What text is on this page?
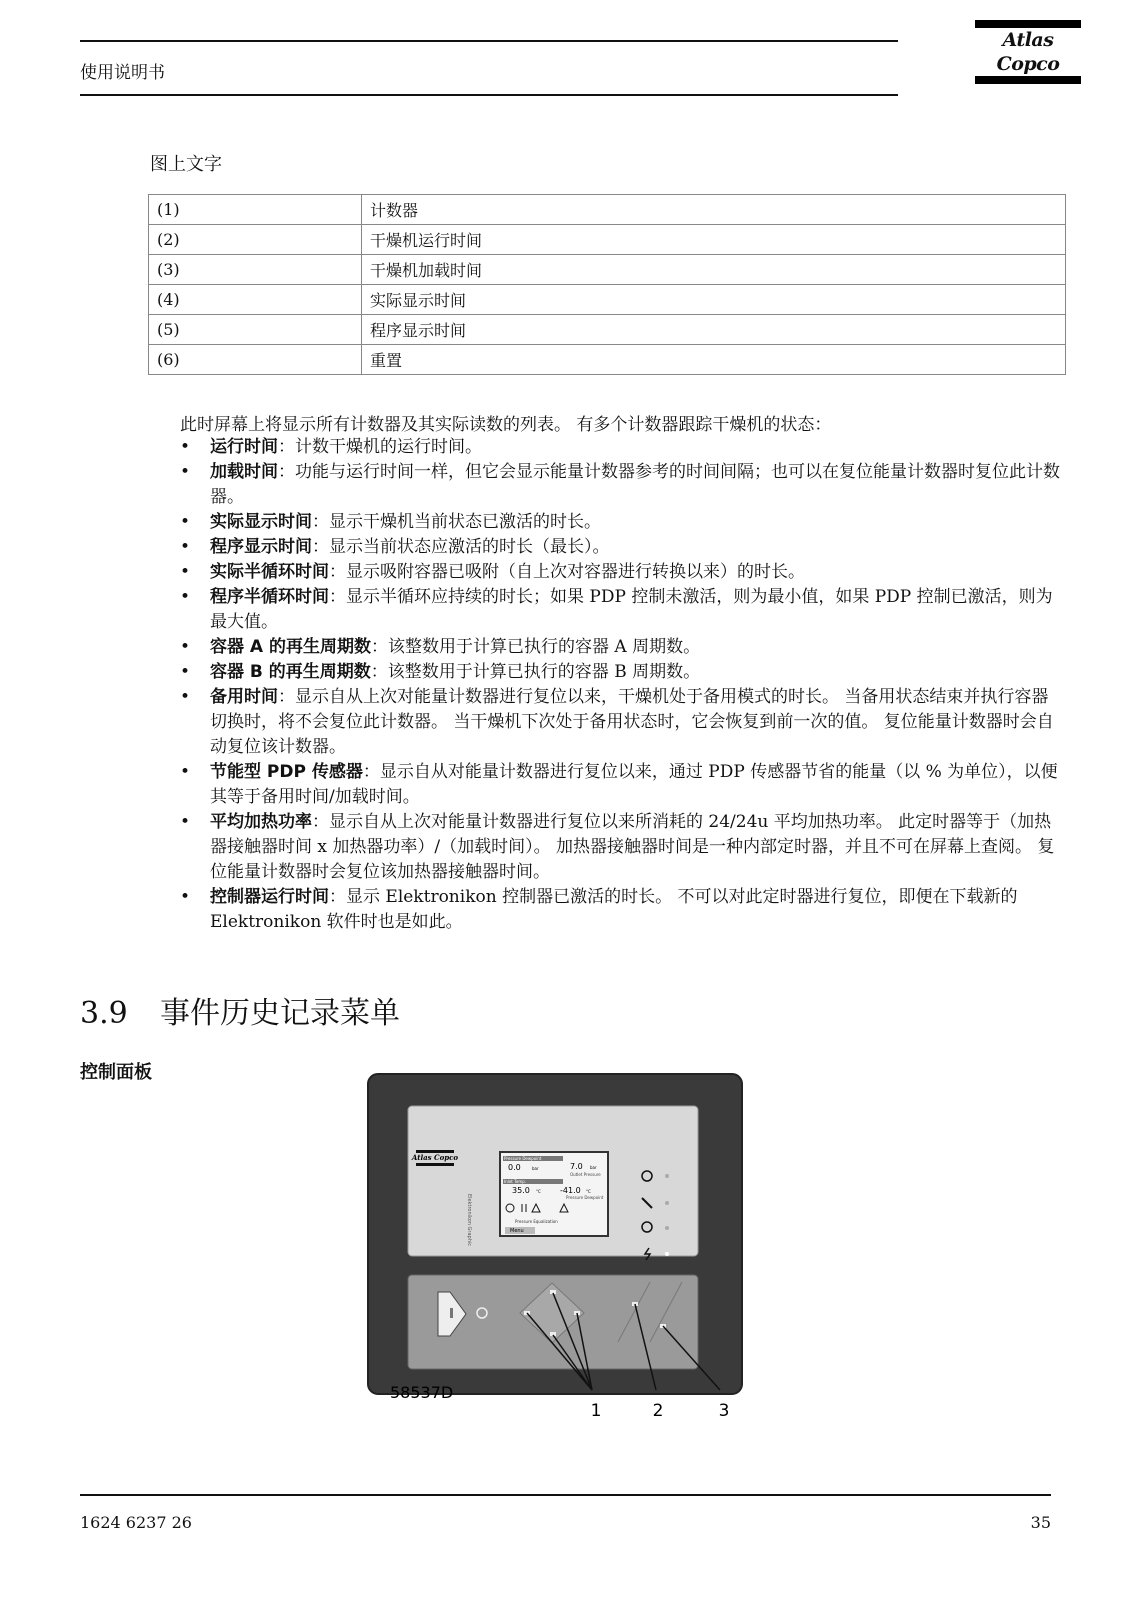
使用说明书
Atlas Copco
图上文字
(1)	计数器
(2)	干燥机运行时间
(3)	干燥机加载时间
(4)	实际显示时间
(5)	程序显示时间
(6)	重置
此时屏幕上将显示所有计数器及其实际读数的列表。 有多个计数器跟踪干燥机的状态：
• 运行时间：计数干燥机的运行时间。
• 加载时间：功能与运行时间一样，但它会显示能量计数器参考的时间间隔；也可以在复位能量计数器时复位此计数器。
• 实际显示时间：显示干燥机当前状态已激活的时长。
• 程序显示时间：显示当前状态应激活的时长（最长）。
• 实际半循环时间：显示吸附容器已吸附（自上次对容器进行转换以来）的时长。
• 程序半循环时间：显示半循环应持续的时长；如果 PDP 控制未激活，则为最小值，如果 PDP 控制已激活，则为最大值。
• 容器 A 的再生周期数：该整数用于计算已执行的容器 A 周期数。
• 容器 B 的再生周期数：该整数用于计算已执行的容器 B 周期数。
• 备用时间：显示自从上次对能量计数器进行复位以来，干燥机处于备用模式的时长。 当备用状态结束并执行容器切换时，将不会复位此计数器。 当干燥机下次处于备用状态时，它会恢复到前一次的值。 复位能量计数器时会自动复位该计数器。
• 节能型 PDP 传感器：显示自从对能量计数器进行复位以来，通过 PDP 传感器节省的能量（以 % 为单位），以便其等于备用时间/加载时间。
• 平均加热功率：显示自从上次对能量计数器进行复位以来所消耗的 24/24u 平均加热功率。 此定时器等于（加热器接触器时间 x 加热器功率）/（加载时间）。 加热器接触器时间是一种内部定时器，并且不可在屏幕上查阅。 复位能量计数器时会复位该加热器接触器时间。
• 控制器运行时间：显示 Elektronikon 控制器已激活的时长。 不可以对此定时器进行复位，即便在下载新的 Elektronikon 软件时也是如此。
3.9 事件历史记录菜单
控制面板
Atlas Copco
Elektronikon Graphic
Pressure Dewpoint
0.0	bar	7.0 bar
Outlet Pressure
Inlet Temp.
35.0 °C -41.0 °C
Pressure Dewpoint
Pressure Equalization
Menu
58537D
1	2	3
1624 6237 26	35
